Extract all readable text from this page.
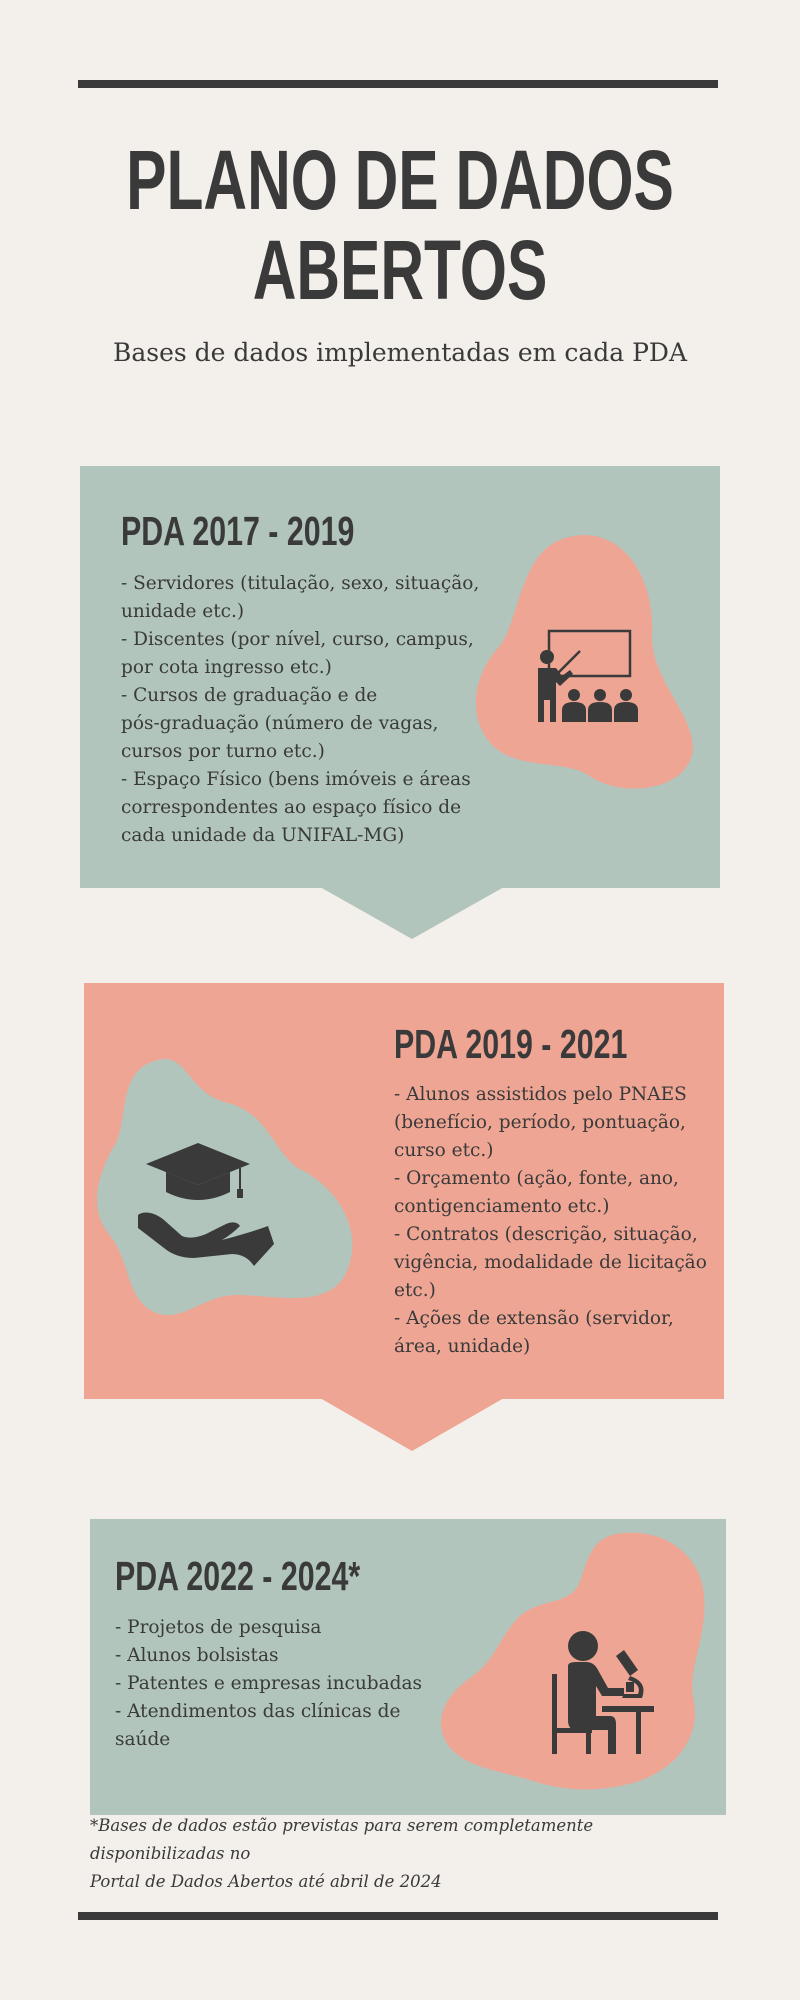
PLANO DE DADOS
ABERTOS
Bases de dados implementadas em cada PDA
PDA 2017 - 2019
- Servidores (titulação, sexo, situação,
unidade etc.)
- Discentes (por nível, curso, campus,
por cota ingresso etc.)
- Cursos de graduação e de
pós-graduação (número de vagas,
cursos por turno etc.)
- Espaço Físico (bens imóveis e áreas
correspondentes ao espaço físico de
cada unidade da UNIFAL-MG)
PDA 2019 - 2021
- Alunos assistidos pelo PNAES
(benefício, período, pontuação,
curso etc.)
- Orçamento (ação, fonte, ano,
contigenciamento etc.)
- Contratos (descrição, situação,
vigência, modalidade de licitação
etc.)
- Ações de extensão (servidor,
área, unidade)
PDA 2022 - 2024*
- Projetos de pesquisa
- Alunos bolsistas
- Patentes e empresas incubadas
- Atendimentos das clínicas de
saúde
*Bases de dados estão previstas para serem completamente disponibilizadas no
Portal de Dados Abertos até abril de 2024
